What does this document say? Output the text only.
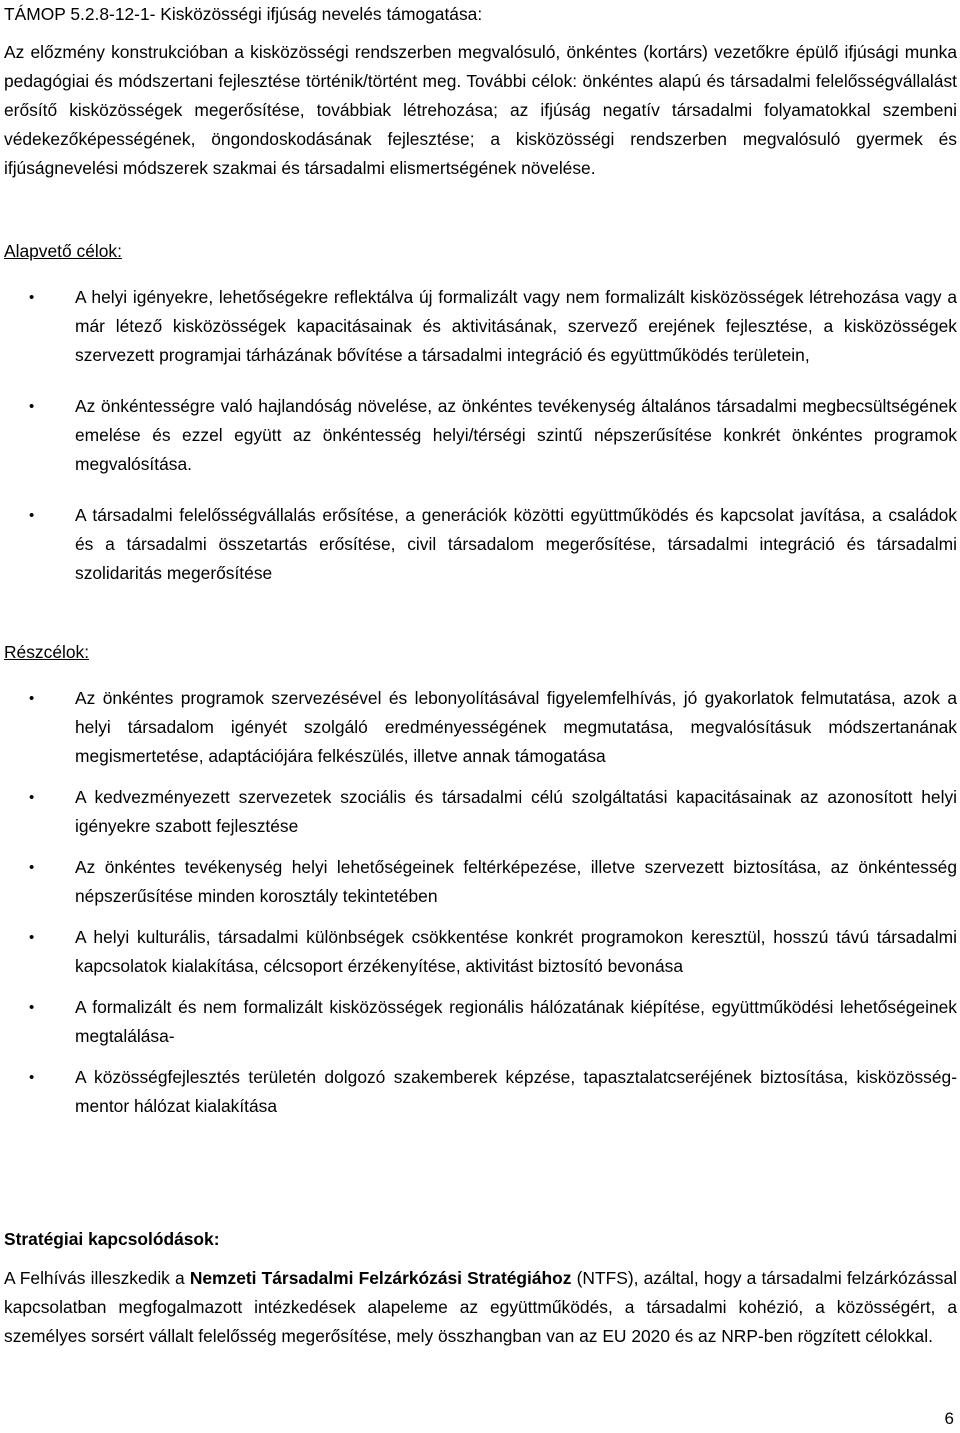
TÁMOP 5.2.8-12-1- Kisközösségi ifjúság nevelés támogatása:

Az előzmény konstrukcióban a kisközösségi rendszerben megvalósuló, önkéntes (kortárs) vezetőkre épülő ifjúsági munka pedagógiai és módszertani fejlesztése történik/történt meg. További célok: önkéntes alapú és társadalmi felelősségvállalást erősítő kisközösségek megerősítése, továbbiak létrehozása; az ifjúság negatív társadalmi folyamatokkal szembeni védekezőképességének, öngondoskodásának fejlesztése; a kisközösségi rendszerben megvalósuló gyermek és ifjúságnevelési módszerek szakmai és társadalmi elismertségének növelése.

Alapvető célok:

• A helyi igényekre, lehetőségekre reflektálva új formalizált vagy nem formalizált kisközösségek létrehozása vagy a már létező kisközösségek kapacitásainak és aktivitásának, szervező erejének fejlesztése, a kisközösségek szervezett programjai tárházának bővítése a társadalmi integráció és együttműködés területein,
• Az önkéntességre való hajlandóság növelése, az önkéntes tevékenység általános társadalmi megbecsültségének emelése és ezzel együtt az önkéntesség helyi/térségi szintű népszerűsítése konkrét önkéntes programok megvalósítása.
• A társadalmi felelősségvállalás erősítése, a generációk közötti együttműködés és kapcsolat javítása, a családok és a társadalmi összetartás erősítése, civil társadalom megerősítése, társadalmi integráció és társadalmi szolidaritás megerősítése

Részcélok:

• Az önkéntes programok szervezésével és lebonyolításával figyelemfelhívás, jó gyakorlatok felmutatása, azok a helyi társadalom igényét szolgáló eredményességének megmutatása, megvalósításuk módszertanának megismertetése, adaptációjára felkészülés, illetve annak támogatása
• A kedvezményezett szervezetek szociális és társadalmi célú szolgáltatási kapacitásainak az azonosított helyi igényekre szabott fejlesztése
• Az önkéntes tevékenység helyi lehetőségeinek feltérképezése, illetve szervezett biztosítása, az önkéntesség népszerűsítése minden korosztály tekintetében
• A helyi kulturális, társadalmi különbségek csökkentése konkrét programokon keresztül, hosszú távú társadalmi kapcsolatok kialakítása, célcsoport érzékenyítése, aktivitást biztosító bevonása
• A formalizált és nem formalizált kisközösségek regionális hálózatának kiépítése, együttműködési lehetőségeinek megtalálása-
• A közösségfejlesztés területén dolgozó szakemberek képzése, tapasztalatcseréjének biztosítása, kisközösség-mentor hálózat kialakítása

Stratégiai kapcsolódások:

A Felhívás illeszkedik a Nemzeti Társadalmi Felzárkózási Stratégiához (NTFS), azáltal, hogy a társadalmi felzárkózással kapcsolatban megfogalmazott intézkedések alapeleme az együttműködés, a társadalmi kohézió, a közösségért, a személyes sorsért vállalt felelősség megerősítése, mely összhangban van az EU 2020 és az NRP-ben rögzített célokkal.

6
